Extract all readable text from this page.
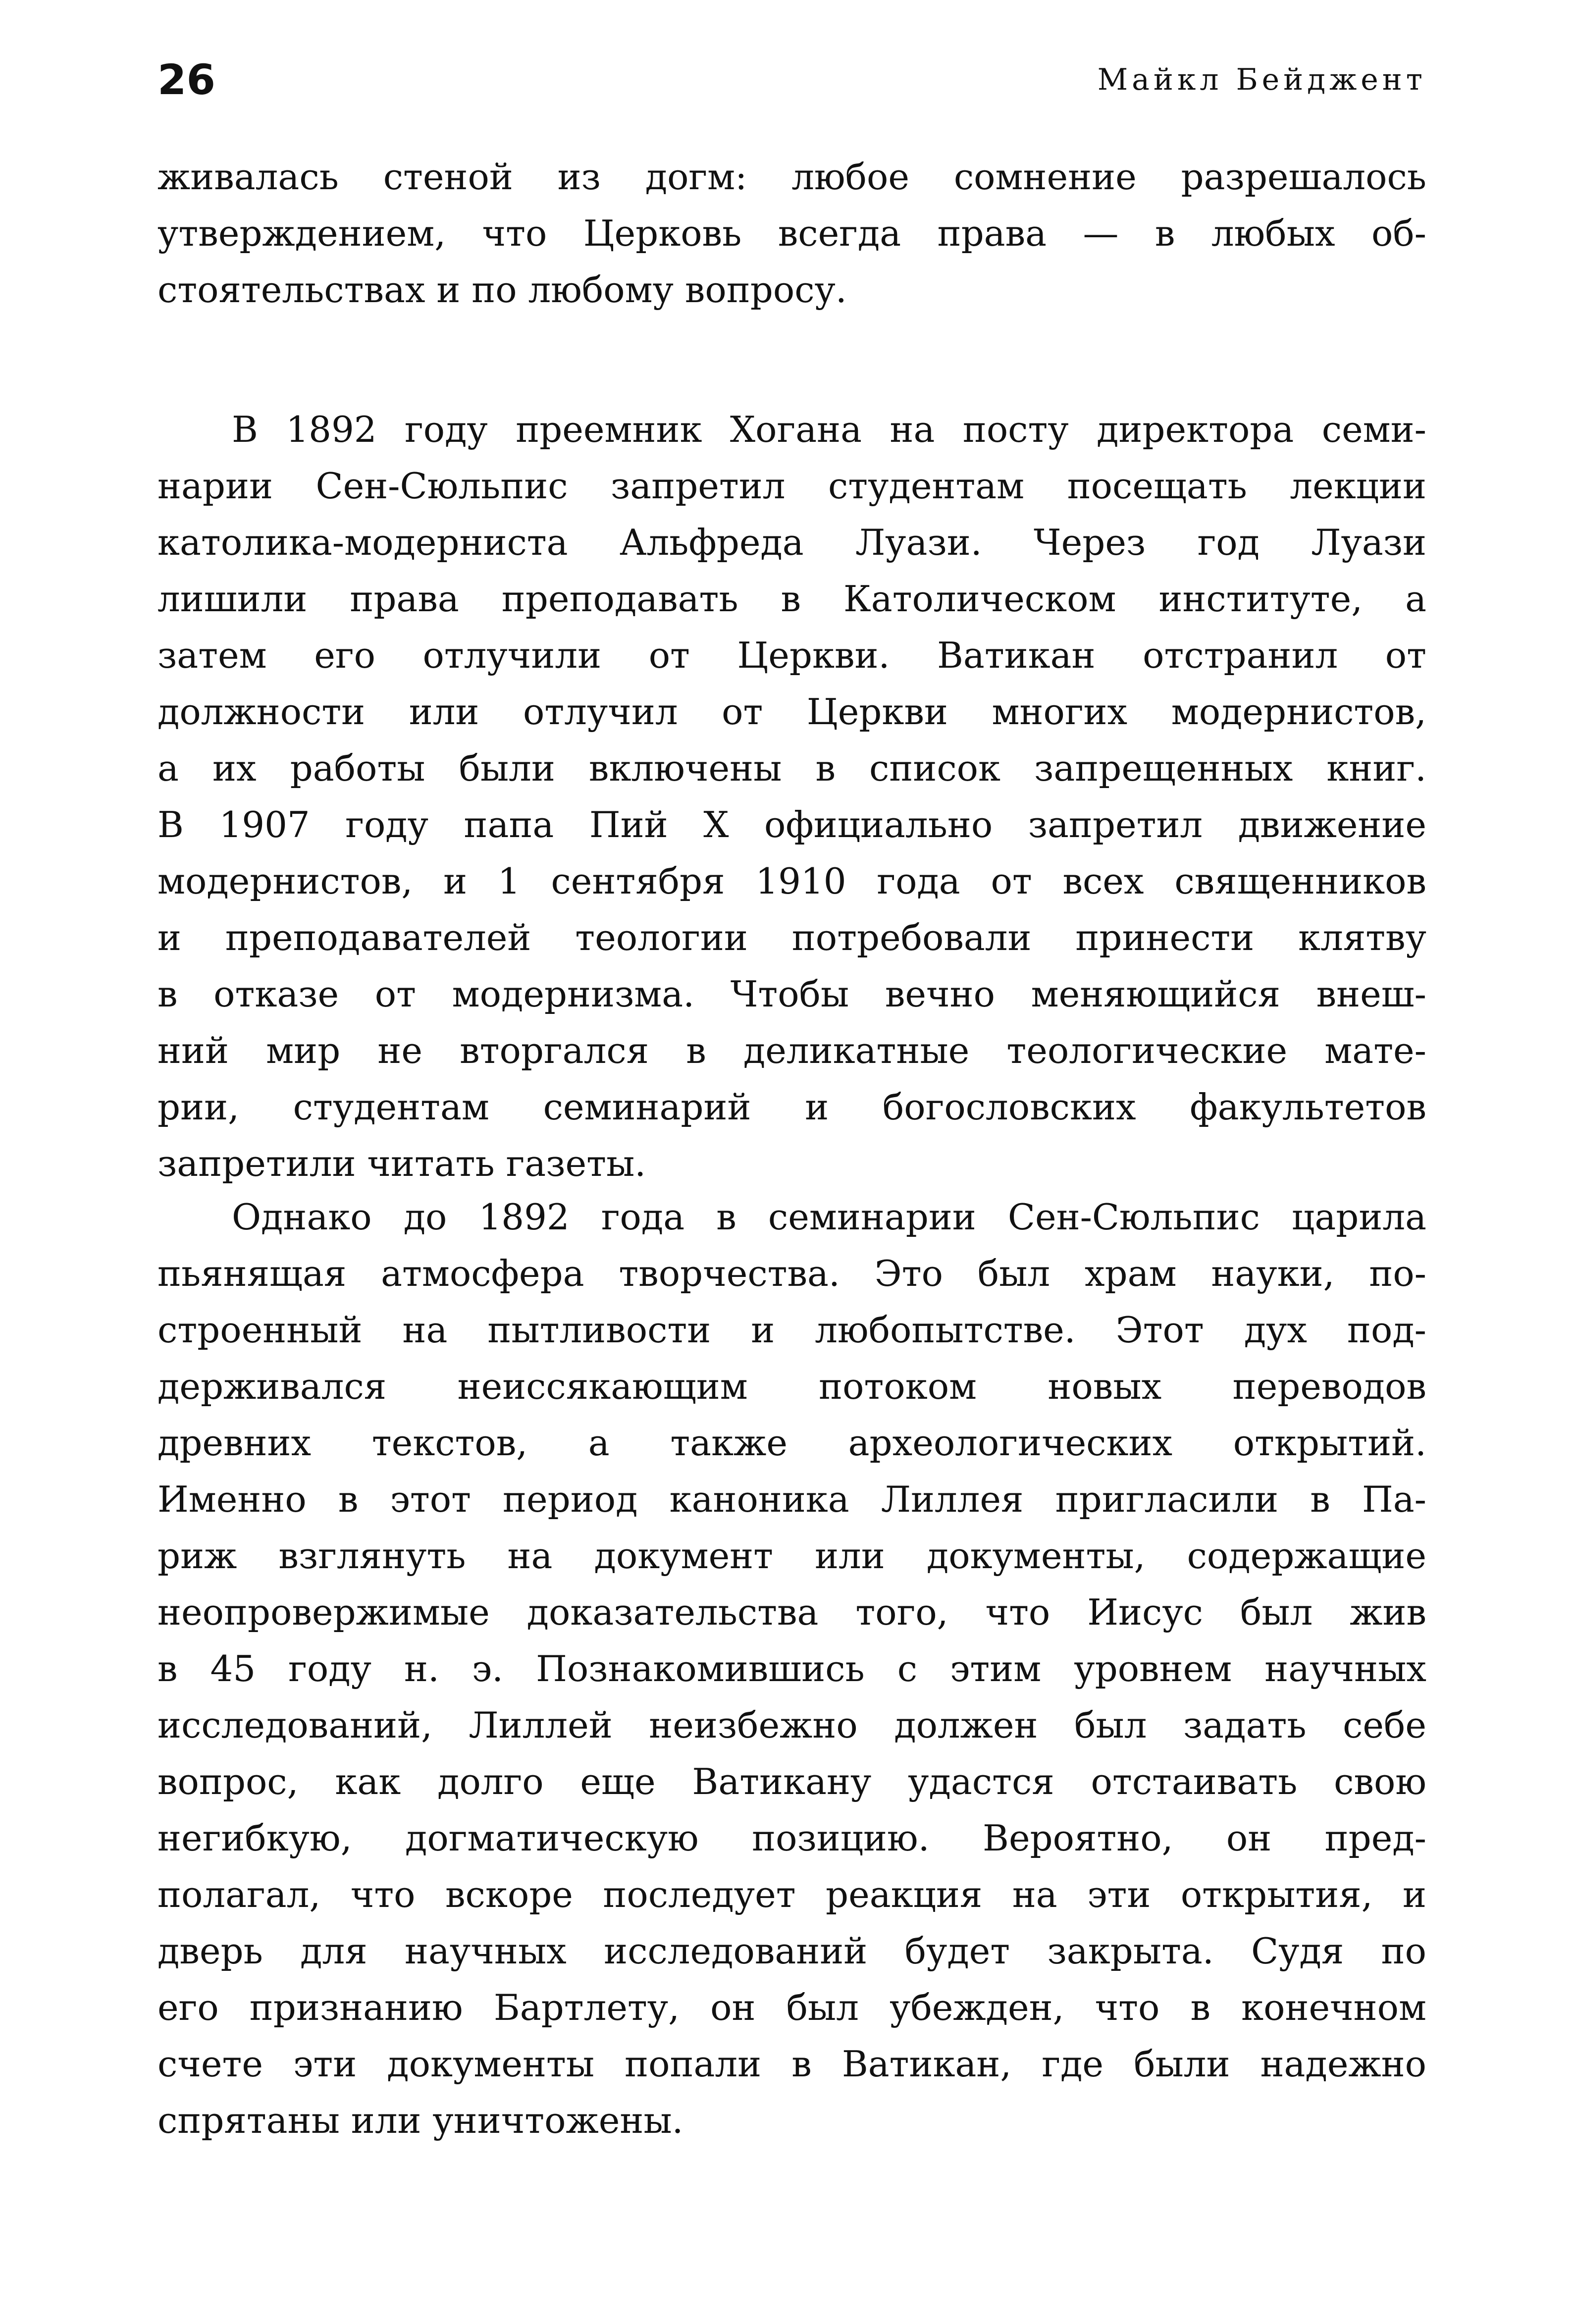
26	Майкл Бейджент
живалась стеной из догм: любое сомнение разрешалось
утверждением, что Церковь всегда права — в любых об-
стоятельствах и по любому вопросу.
В 1892 году преемник Хогана на посту директора семи-
нарии Сен-Сюльпис запретил студентам посещать лекции
католика-модерниста Альфреда Луази. Через год Луази
лишили права преподавать в Католическом институте, а
затем его отлучили от Церкви. Ватикан отстранил от
должности или отлучил от Церкви многих модернистов,
а их работы были включены в список запрещенных книг.
В 1907 году папа Пий X официально запретил движение
модернистов, и 1 сентября 1910 года от всех священников
и преподавателей теологии потребовали принести клятву
в отказе от модернизма. Чтобы вечно меняющийся внеш-
ний мир не вторгался в деликатные теологические мате-
рии, студентам семинарий и богословских факультетов
запретили читать газеты.
Однако до 1892 года в семинарии Сен-Сюльпис царила
пьянящая атмосфера творчества. Это был храм науки, по-
строенный на пытливости и любопытстве. Этот дух под-
держивался неиссякающим потоком новых переводов
древних текстов, а также археологических открытий.
Именно в этот период каноника Лиллея пригласили в Па-
риж взглянуть на документ или документы, содержащие
неопровержимые доказательства того, что Иисус был жив
в 45 году н. э. Познакомившись с этим уровнем научных
исследований, Лиллей неизбежно должен был задать себе
вопрос, как долго еще Ватикану удастся отстаивать свою
негибкую, догматическую позицию. Вероятно, он пред-
полагал, что вскоре последует реакция на эти открытия, и
дверь для научных исследований будет закрыта. Судя по
его признанию Бартлету, он был убежден, что в конечном
счете эти документы попали в Ватикан, где были надежно
спрятаны или уничтожены.
